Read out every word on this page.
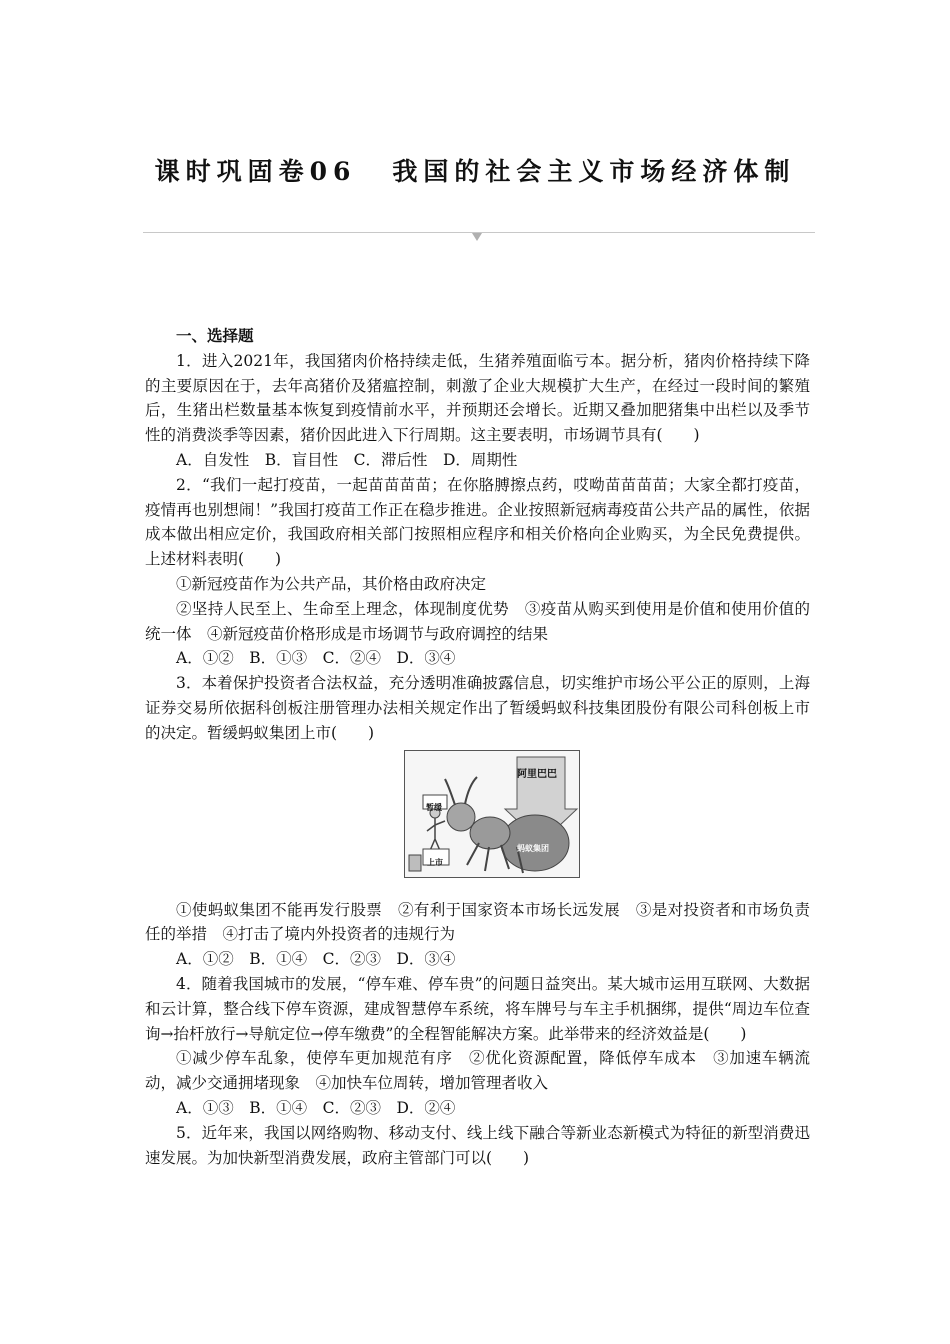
课时巩固卷06 我国的社会主义市场经济体制

一、选择题

1．进入2021年，我国猪肉价格持续走低，生猪养殖面临亏本。据分析，猪肉价格持续下降的主要原因在于，去年高猪价及猪瘟控制，刺激了企业大规模扩大生产，在经过一段时间的繁殖后，生猪出栏数量基本恢复到疫情前水平，并预期还会增长。近期又叠加肥猪集中出栏以及季节性的消费淡季等因素，猪价因此进入下行周期。这主要表明，市场调节具有(　　)

A．自发性　B．盲目性　C．滞后性　D．周期性

2．“我们一起打疫苗，一起苗苗苗苗；在你胳膊擦点药，哎呦苗苗苗苗；大家全都打疫苗，疫情再也别想闹！”我国打疫苗工作正在稳步推进。企业按照新冠病毒疫苗公共产品的属性，依据成本做出相应定价，我国政府相关部门按照相应程序和相关价格向企业购买，为全民免费提供。上述材料表明(　　)

①新冠疫苗作为公共产品，其价格由政府决定

②坚持人民至上、生命至上理念，体现制度优势　③疫苗从购买到使用是价值和使用价值的统一体　④新冠疫苗价格形成是市场调节与政府调控的结果

A．①②　B．①③　C．②④　D．③④

3．本着保护投资者合法权益，充分透明准确披露信息，切实维护市场公平公正的原则，上海证券交易所依据科创板注册管理办法相关规定作出了暂缓蚂蚁科技集团股份有限公司科创板上市的决定。暂缓蚂蚁集团上市(　　)

阿里巴巴
蚂蚁集团
暂缓
上市

①使蚂蚁集团不能再发行股票　②有利于国家资本市场长远发展　③是对投资者和市场负责任的举措　④打击了境内外投资者的违规行为

A．①②　B．①④　C．②③　D．③④

4．随着我国城市的发展，“停车难、停车贵”的问题日益突出。某大城市运用互联网、大数据和云计算，整合线下停车资源，建成智慧停车系统，将车牌号与车主手机捆绑，提供“周边车位查询→抬杆放行→导航定位→停车缴费”的全程智能解决方案。此举带来的经济效益是(　　)

①减少停车乱象，使停车更加规范有序　②优化资源配置，降低停车成本　③加速车辆流动，减少交通拥堵现象　④加快车位周转，增加管理者收入

A．①③　B．①④　C．②③　D．②④

5．近年来，我国以网络购物、移动支付、线上线下融合等新业态新模式为特征的新型消费迅速发展。为加快新型消费发展，政府主管部门可以(　　)
